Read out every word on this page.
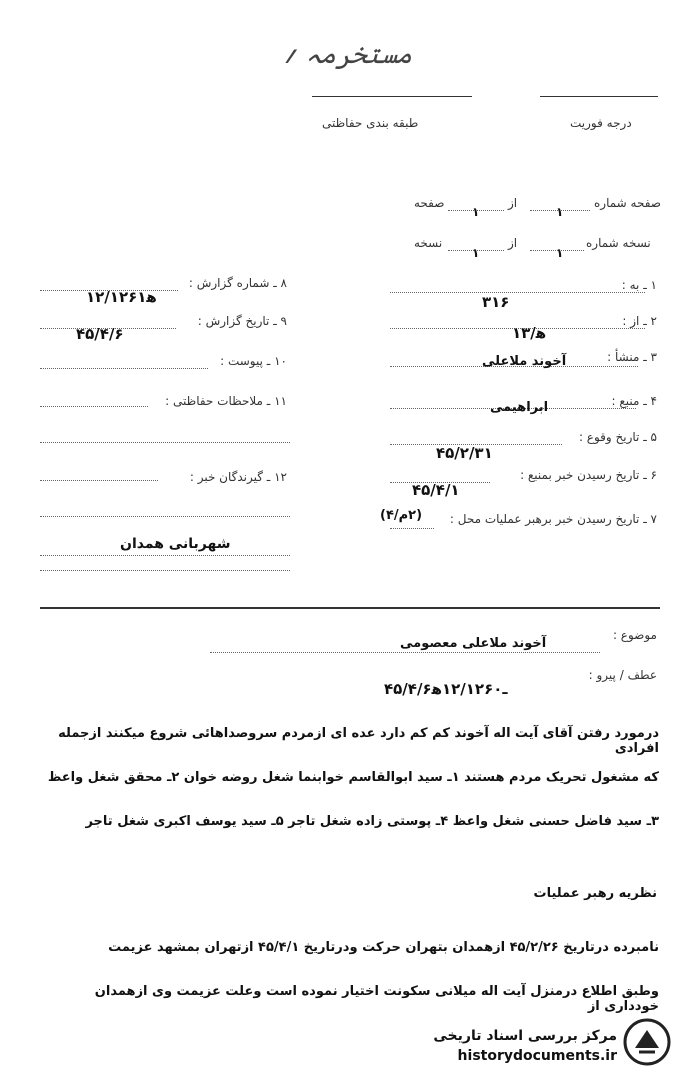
مستخرمہ ؍
طبقه بندی حفاظتی	درجه فوریت
صفحه شماره
۱
از
۱
صفحه
نسخه شماره
۱
از
۱
نسخه
۱ ـ به :
۳۱۶
۲ ـ از :
۱۳/ﻫ
۳ ـ منشأ :
آخوند ملاعلی
۴ ـ منبع :
ابراهیمی
۵ ـ تاریخ وقوع :
۴۵/۲/۳۱
۶ ـ تاریخ رسیدن خبر بمنبع :
۴۵/۴/۱
۷ ـ تاریخ رسیدن خبر برهبر عملیات محل :
(۲م/۴)
۸ ـ شماره گزارش :
۱۲/۱۲۶۱ﻫ
۹ ـ تاریخ گزارش :
۴۵/۴/۶
۱۰ ـ پیوست :
۱۱ ـ ملاحظات حفاظتی :
۱۲ ـ گیرندگان خبر :
شهربانی همدان
موضوع :
آخوند ملاعلی معصومی
عطف / پیرو :
۴۵/۴/۶ـ۱۲/۱۲۶۰ﻫ
درمورد رفتن آقای آیت اله آخوند کم کم دارد عده ای ازمردم سروصداهائی شروع میکنند ازجمله افرادی
که مشغول تحریک مردم هستند ۱ـ سید ابوالقاسم خوابنما شغل روضه خوان ۲ـ محقق شغل واعظ
۳ـ سید فاضل حسنی شغل واعظ ۴ـ پوستی زاده شغل تاجر ۵ـ سید یوسف اکبری شغل تاجر
نظریه رهبر عملیات
نامبرده درتاریخ ۴۵/۲/۲۶ ازهمدان بتهران حرکت ودرتاریخ ۴۵/۴/۱ ازتهران بمشهد عزیمت
وطبق اطلاع درمنزل آیت اله میلانی سکونت اختیار نموده است وعلت عزیمت وی ازهمدان خودداری از
مرکز بررسی اسناد تاریخی
historydocuments.ir
